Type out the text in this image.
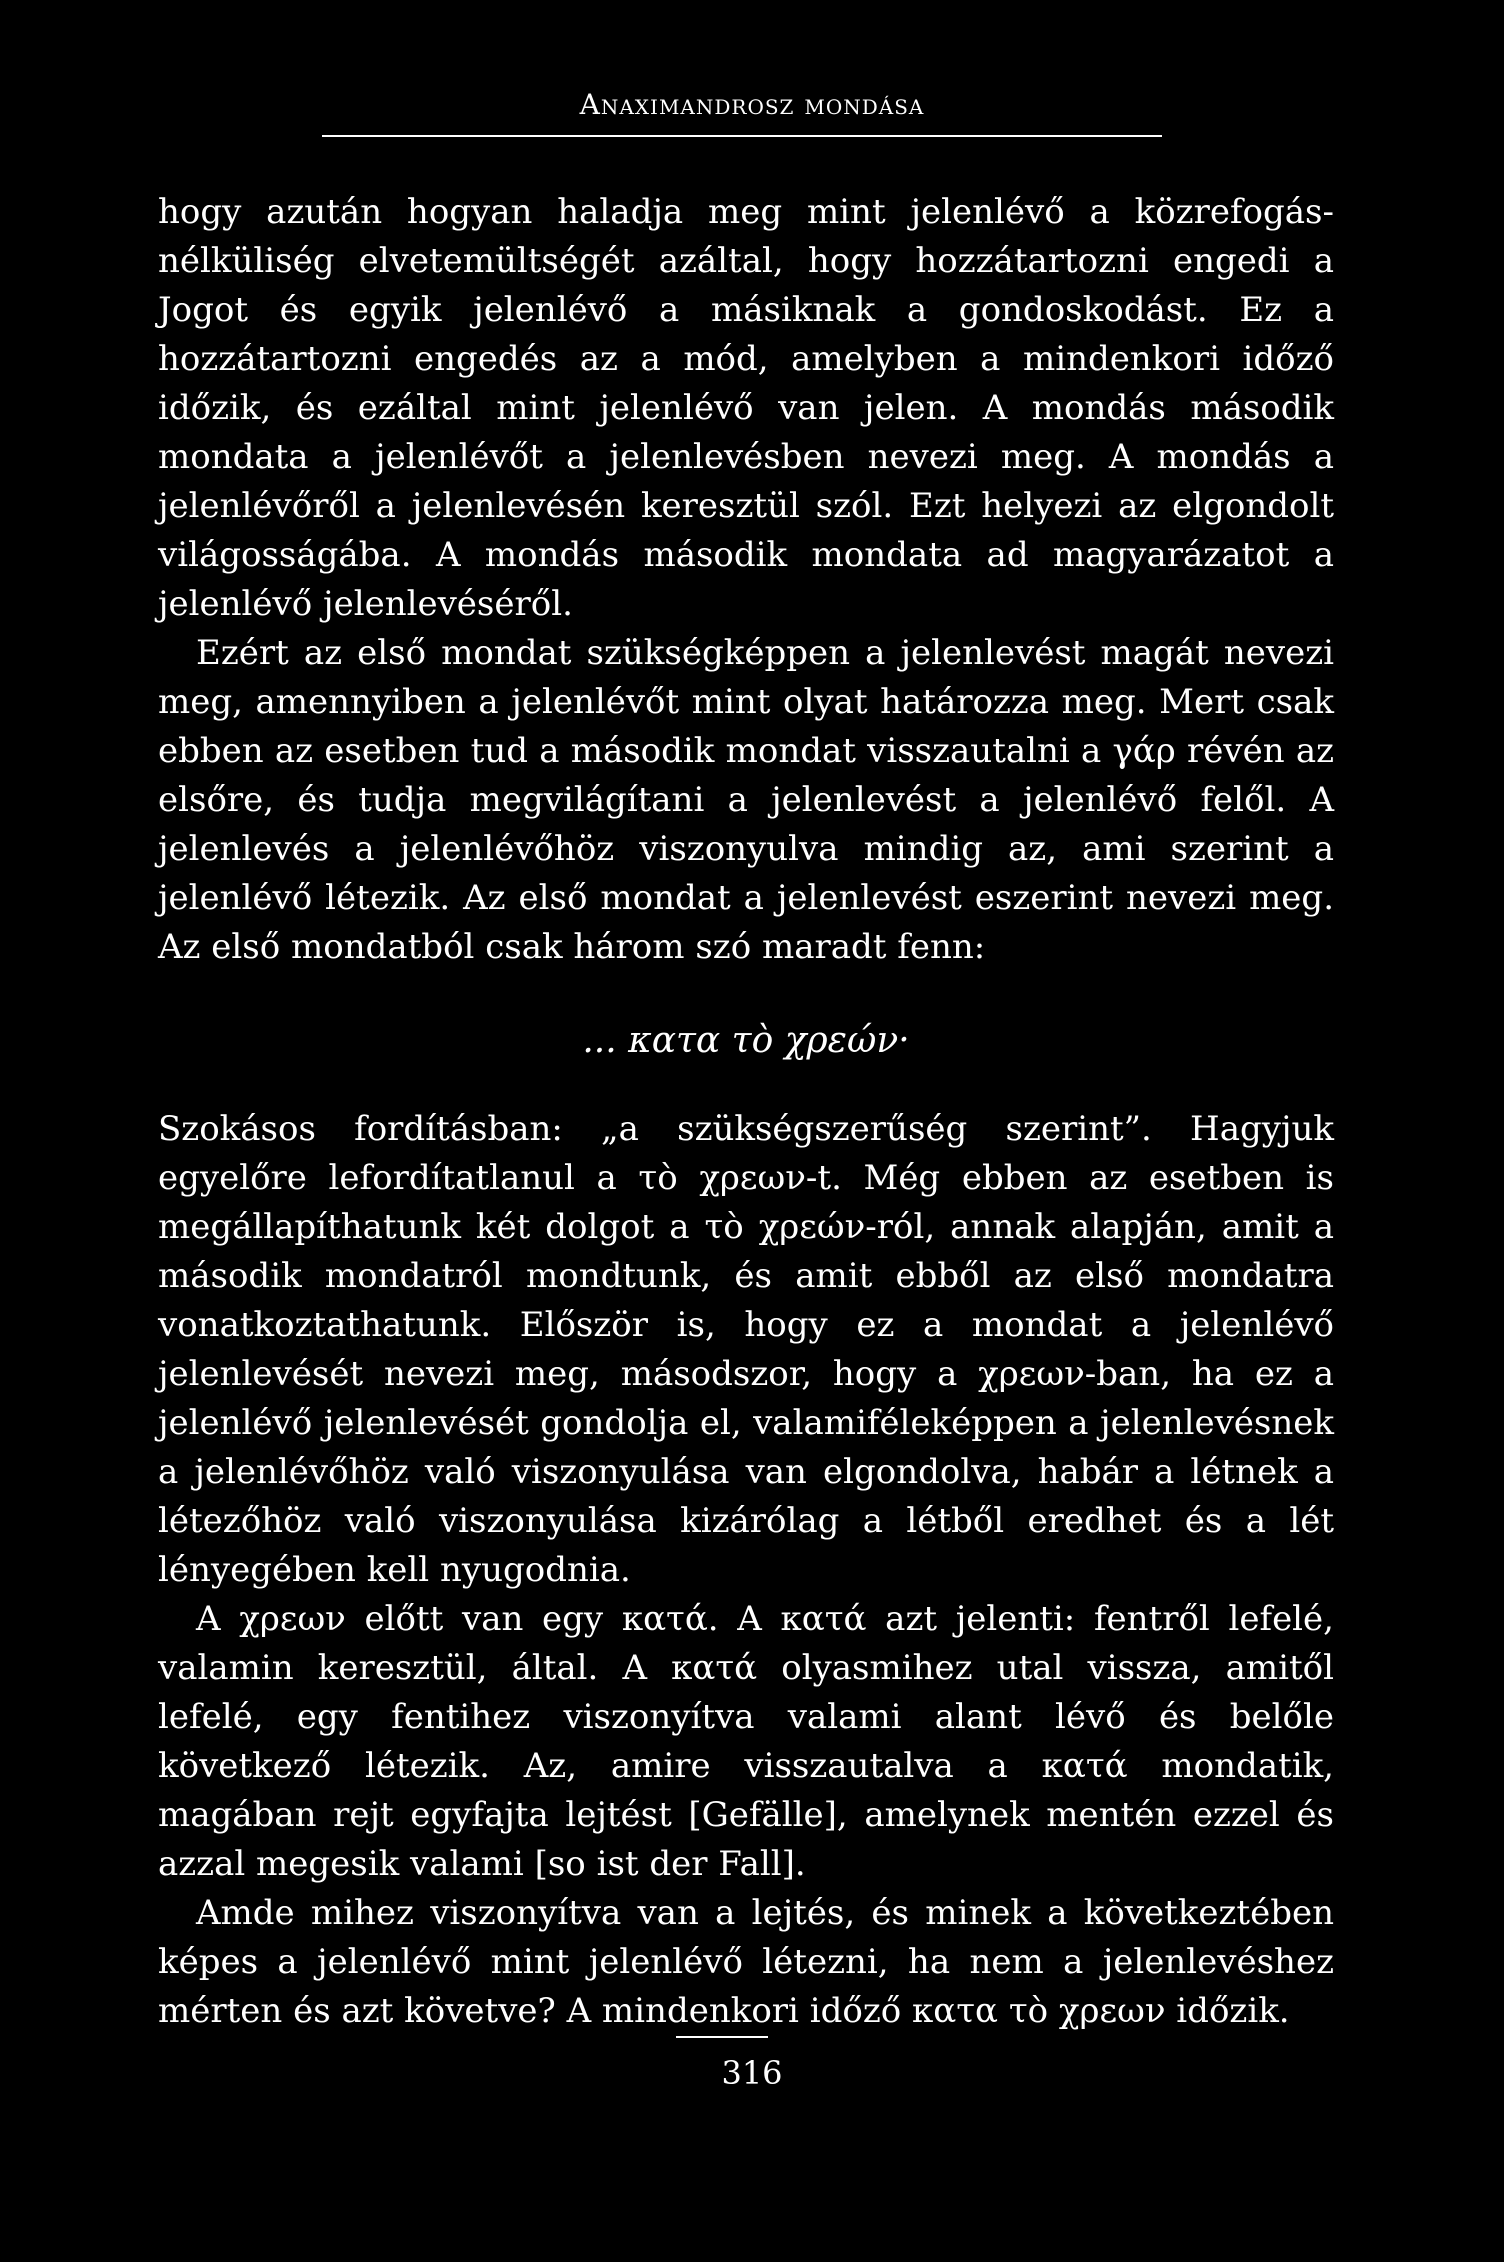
Anaximandrosz mondása

hogy azután hogyan haladja meg mint jelenlévő a közrefogás-nélküliség elvetemültségét azáltal, hogy hozzátartozni engedi a Jogot és egyik jelenlévő a másiknak a gondoskodást. Ez a hozzátartozni engedés az a mód, amelyben a mindenkori időző időzik, és ezáltal mint jelenlévő van jelen. A mondás második mondata a jelenlévőt a jelenlevésben nevezi meg. A mondás a jelenlévőről a jelenlevésén keresztül szól. Ezt helyezi az elgondolt világosságába. A mondás második mondata ad magyarázatot a jelenlévő jelenlevéséről.

Ezért az első mondat szükségképpen a jelenlevést magát nevezi meg, amennyiben a jelenlévőt mint olyat határozza meg. Mert csak ebben az esetben tud a második mondat visszautalni a γάρ révén az elsőre, és tudja megvilágítani a jelenlevést a jelenlévő felől. A jelenlevés a jelenlévőhöz viszonyulva mindig az, ami szerint a jelenlévő létezik. Az első mondat a jelenlevést eszerint nevezi meg. Az első mondatból csak három szó maradt fenn:

... κατα τὸ χρεών·

Szokásos fordításban: „a szükségszerűség szerint”. Hagyjuk egyelőre lefordítatlanul a τὸ χρεων-t. Még ebben az esetben is megállapíthatunk két dolgot a τὸ χρεών-ról, annak alapján, amit a második mondatról mondtunk, és amit ebből az első mondatra vonatkoztathatunk. Először is, hogy ez a mondat a jelenlévő jelenlevését nevezi meg, másodszor, hogy a χρεων-ban, ha ez a jelenlévő jelenlevését gondolja el, valamiféleképpen a jelenlevésnek a jelenlévőhöz való viszonyulása van elgondolva, habár a létnek a létezőhöz való viszonyulása kizárólag a létből eredhet és a lét lényegében kell nyugodnia.

A χρεων előtt van egy κατά. A κατά azt jelenti: fentről lefelé, valamin keresztül, által. A κατά olyasmihez utal vissza, amitől lefelé, egy fentihez viszonyítva valami alant lévő és belőle következő létezik. Az, amire visszautalva a κατά mondatik, magában rejt egyfajta lejtést [Gefälle], amelynek mentén ezzel és azzal megesik valami [so ist der Fall].

Amde mihez viszonyítva van a lejtés, és minek a következtében képes a jelenlévő mint jelenlévő létezni, ha nem a jelenlevéshez mérten és azt követve? A mindenkori időző κατα τὸ χρεων időzik.

316
